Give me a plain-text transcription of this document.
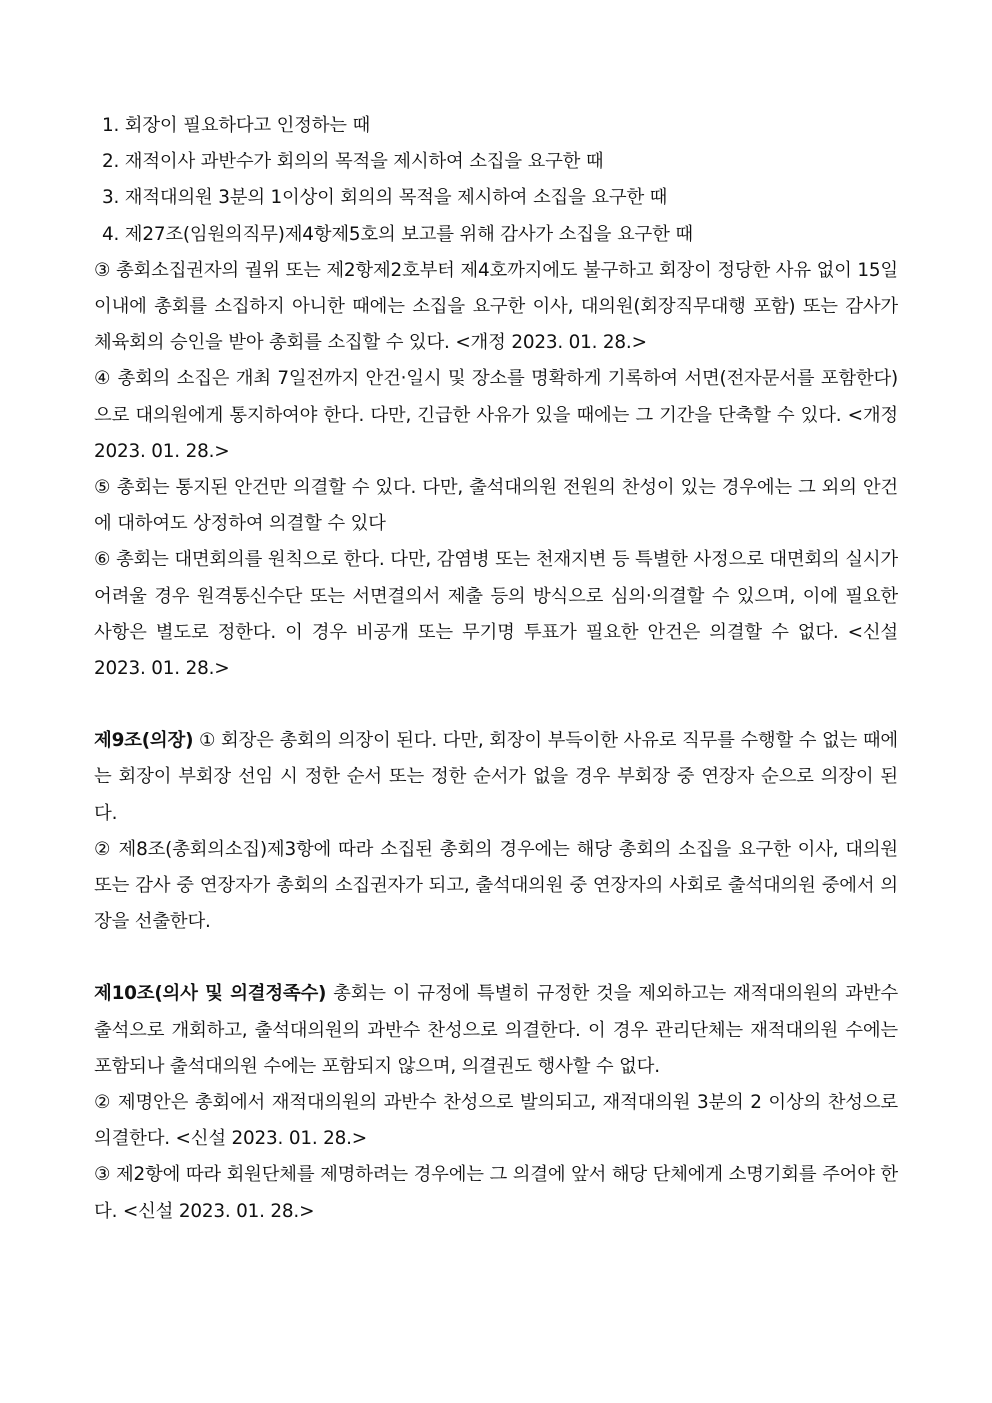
1. 회장이 필요하다고 인정하는 때
2. 재적이사 과반수가 회의의 목적을 제시하여 소집을 요구한 때
3. 재적대의원 3분의 1이상이 회의의 목적을 제시하여 소집을 요구한 때
4. 제27조(임원의직무)제4항제5호의 보고를 위해 감사가 소집을 요구한 때
③ 총회소집권자의 궐위 또는 제2항제2호부터 제4호까지에도 불구하고 회장이 정당한 사유 없이 15일 이내에 총회를 소집하지 아니한 때에는 소집을 요구한 이사, 대의원(회장직무대행 포함) 또는 감사가 체육회의 승인을 받아 총회를 소집할 수 있다. <개정 2023. 01. 28.>
④ 총회의 소집은 개최 7일전까지 안건·일시 및 장소를 명확하게 기록하여 서면(전자문서를 포함한다)으로 대의원에게 통지하여야 한다. 다만, 긴급한 사유가 있을 때에는 그 기간을 단축할 수 있다. <개정 2023. 01. 28.>
⑤ 총회는 통지된 안건만 의결할 수 있다. 다만, 출석대의원 전원의 찬성이 있는 경우에는 그 외의 안건에 대하여도 상정하여 의결할 수 있다
⑥ 총회는 대면회의를 원칙으로 한다. 다만, 감염병 또는 천재지변 등 특별한 사정으로 대면회의 실시가 어려울 경우 원격통신수단 또는 서면결의서 제출 등의 방식으로 심의·의결할 수 있으며, 이에 필요한 사항은 별도로 정한다. 이 경우 비공개 또는 무기명 투표가 필요한 안건은 의결할 수 없다. <신설 2023. 01. 28.>
제9조(의장) ① 회장은 총회의 의장이 된다. 다만, 회장이 부득이한 사유로 직무를 수행할 수 없는 때에는 회장이 부회장 선임 시 정한 순서 또는 정한 순서가 없을 경우 부회장 중 연장자 순으로 의장이 된다.
② 제8조(총회의소집)제3항에 따라 소집된 총회의 경우에는 해당 총회의 소집을 요구한 이사, 대의원 또는 감사 중 연장자가 총회의 소집권자가 되고, 출석대의원 중 연장자의 사회로 출석대의원 중에서 의장을 선출한다.
제10조(의사 및 의결정족수) 총회는 이 규정에 특별히 규정한 것을 제외하고는 재적대의원의 과반수 출석으로 개회하고, 출석대의원의 과반수 찬성으로 의결한다. 이 경우 관리단체는 재적대의원 수에는 포함되나 출석대의원 수에는 포함되지 않으며, 의결권도 행사할 수 없다.
② 제명안은 총회에서 재적대의원의 과반수 찬성으로 발의되고, 재적대의원 3분의 2 이상의 찬성으로 의결한다. <신설 2023. 01. 28.>
③ 제2항에 따라 회원단체를 제명하려는 경우에는 그 의결에 앞서 해당 단체에게 소명기회를 주어야 한다. <신설 2023. 01. 28.>
